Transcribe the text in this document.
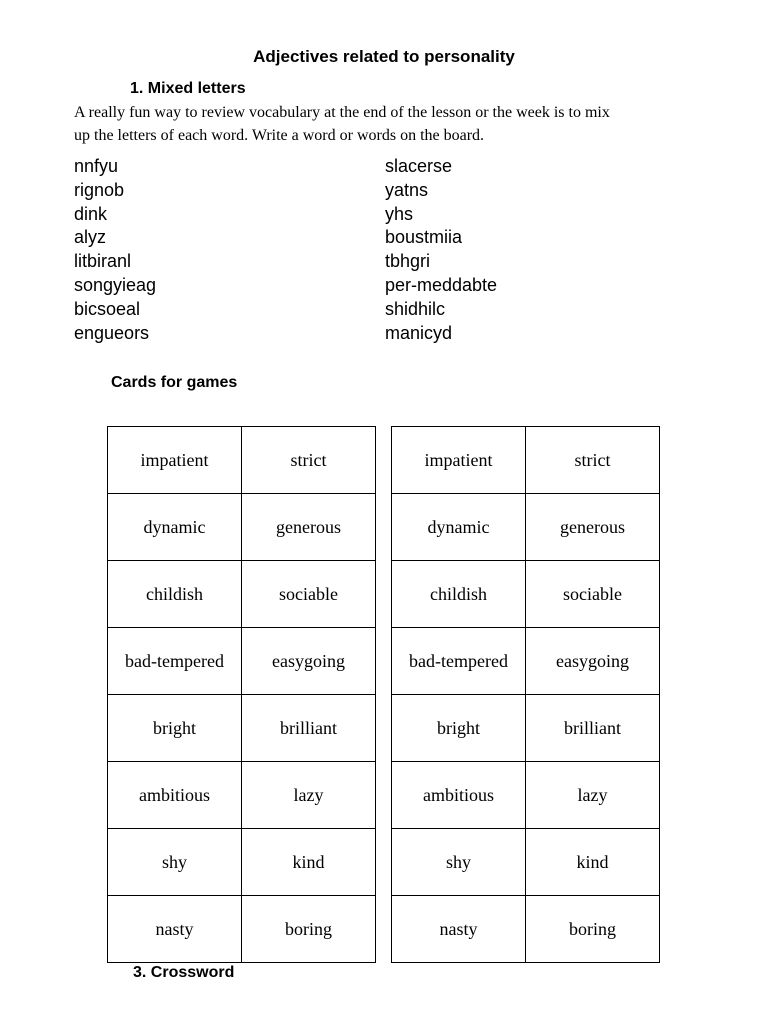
Adjectives related to personality
1. Mixed letters
A really fun way to review vocabulary at the end of the lesson or the week is to mix
up the letters of each word. Write a word or words on the board.
nnfyu
rignob
dink
alyz
litbiranl
songyieag
bicsoeal
engueors
slacerse
yatns
yhs
boustmiia
tbhgri
per-meddabte
shidhilc
manicyd
Cards for games
impatient	strict
dynamic	generous
childish	sociable
bad-tempered	easygoing
bright	brilliant
ambitious	lazy
shy	kind
nasty	boring
impatient	strict
dynamic	generous
childish	sociable
bad-tempered	easygoing
bright	brilliant
ambitious	lazy
shy	kind
nasty	boring
3. Crossword
